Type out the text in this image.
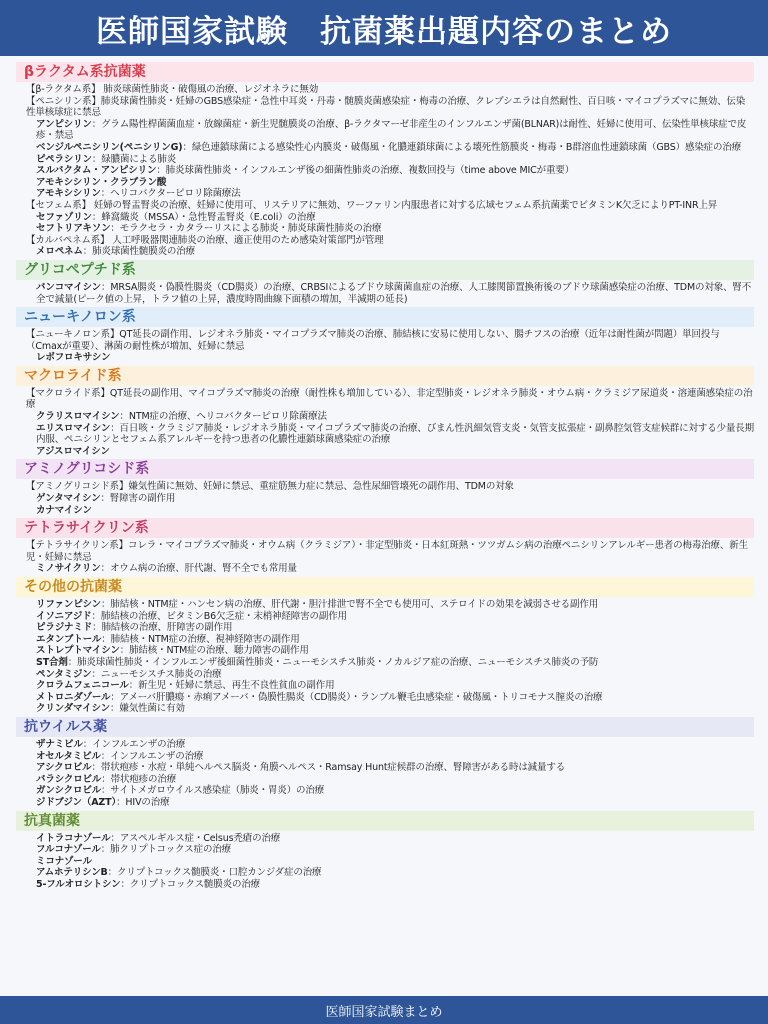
医師国家試験　抗菌薬出題内容のまとめ
βラクタム系抗菌薬
【β-ラクタム系】 肺炎球菌性肺炎・破傷風の治療、レジオネラに無効
【ペニシリン系】肺炎球菌性肺炎・妊婦のGBS感染症・急性中耳炎・丹毒・髄膜炎菌感染症・梅毒の治療、クレブシエラは自然耐性、百日咳・マイコプラズマに無効、伝染性単核球症に禁忌
アンピシリン：グラム陽性桿菌菌血症・放線菌症・新生児髄膜炎の治療、β-ラクタマーゼ非産生のインフルエンザ菌(BLNAR)は耐性、妊婦に使用可、伝染性単核球症で皮疹・禁忌
ベンジルペニシリン(ペニシリンG)：緑色連鎖球菌による感染性心内膜炎・破傷風・化膿連鎖球菌による壊死性筋膜炎・梅毒・B群溶血性連鎖球菌（GBS）感染症の治療
ピペラシリン：緑膿菌による肺炎
スルバクタム・アンピシリン：肺炎球菌性肺炎・インフルエンザ後の細菌性肺炎の治療、複数回投与（time above MICが重要）
アモキシシリン・クラブラン酸
アモキシシリン：ヘリコバクターピロリ除菌療法
【セフェム系】 妊婦の腎盂腎炎の治療、妊婦に使用可、リステリアに無効、ワーファリン内服患者に対する広域セフェム系抗菌薬でビタミンK欠乏によりPT-INR上昇
セファゾリン：蜂窩織炎（MSSA）・急性腎盂腎炎（E.coli）の治療
セフトリアキソン：モラクセラ・カタラーリスによる肺炎・肺炎球菌性肺炎の治療
【カルバペネム系】 人工呼吸器関連肺炎の治療、適正使用のため感染対策部門が管理
メロペネム：肺炎球菌性髄膜炎の治療
グリコペプチド系
バンコマイシン：MRSA腸炎・偽膜性腸炎（CD腸炎）の治療、CRBSIによるブドウ球菌菌血症の治療、人工膝関節置換術後のブドウ球菌感染症の治療、TDMの対象、腎不全で減量(ピーク値の上昇，トラフ値の上昇，濃度時間曲線下面積の増加，半減期の延長)
ニューキノロン系
【ニューキノロン系】QT延長の副作用、レジオネラ肺炎・マイコプラズマ肺炎の治療、肺結核に安易に使用しない、腸チフスの治療（近年は耐性菌が問題）単回投与（Cmaxが重要）、淋菌の耐性株が増加、妊婦に禁忌
レボフロキサシン
マクロライド系
【マクロライド系】QT延長の副作用、マイコプラズマ肺炎の治療（耐性株も増加している）、非定型肺炎・レジオネラ肺炎・オウム病・クラミジア尿道炎・溶連菌感染症の治療
クラリスロマイシン：NTM症の治療、ヘリコバクターピロリ除菌療法
エリスロマイシン：百日咳・クラミジア肺炎・レジオネラ肺炎・マイコプラズマ肺炎の治療、びまん性汎細気管支炎・気管支拡張症・副鼻腔気管支症候群に対する少量長期内服、ペニシリンとセフェム系アレルギーを持つ患者の化膿性連鎖球菌感染症の治療
アジスロマイシン
アミノグリコシド系
【アミノグリコシド系】嫌気性菌に無効、妊婦に禁忌、重症筋無力症に禁忌、急性尿細管壊死の副作用、TDMの対象
ゲンタマイシン：腎障害の副作用
カナマイシン
テトラサイクリン系
【テトラサイクリン系】コレラ・マイコプラズマ肺炎・オウム病（クラミジア）・非定型肺炎・日本紅斑熱・ツツガムシ病の治療ペニシリンアレルギー患者の梅毒治療、新生児・妊婦に禁忌
ミノサイクリン：オウム病の治療、肝代謝、腎不全でも常用量
その他の抗菌薬
リファンピシン：肺結核・NTM症・ハンセン病の治療、肝代謝・胆汁排泄で腎不全でも使用可、ステロイドの効果を減弱させる副作用
イソニアジド：肺結核の治療、ビタミンB6欠乏症・末梢神経障害の副作用
ピラジナミド：肺結核の治療、肝障害の副作用
エタンブトール：肺結核・NTM症の治療、視神経障害の副作用
ストレプトマイシン：肺結核・NTM症の治療、聴力障害の副作用
ST合剤：肺炎球菌性肺炎・インフルエンザ後細菌性肺炎・ニューモシスチス肺炎・ノカルジア症の治療、ニューモシスチス肺炎の予防
ペンタミジン：ニューモシスチス肺炎の治療
クロラムフェニコール：新生児・妊婦に禁忌、再生不良性貧血の副作用
メトロニダゾール：アメーバ肝膿瘍・赤痢アメーバ・偽膜性腸炎（CD腸炎）・ランブル鞭毛虫感染症・破傷風・トリコモナス膣炎の治療
クリンダマイシン：嫌気性菌に有効
抗ウイルス薬
ザナミビル：インフルエンザの治療
オセルタミビル：インフルエンザの治療
アシクロビル：帯状疱疹・水痘・単純ヘルペス脳炎・角膜ヘルペス・Ramsay Hunt症候群の治療、腎障害がある時は減量する
バラシクロビル：帯状疱疹の治療
ガンシクロビル：サイトメガロウイルス感染症（肺炎・胃炎）の治療
ジドブジン（AZT）：HIVの治療
抗真菌薬
イトラコナゾール：アスペルギルス症・Celsus禿瘡の治療
フルコナゾール：肺クリプトコックス症の治療
ミコナゾール
アムホテリシンB：クリプトコックス髄膜炎・口腔カンジダ症の治療
5-フルオロシトシン：クリプトコックス髄膜炎の治療
医師国家試験まとめ
